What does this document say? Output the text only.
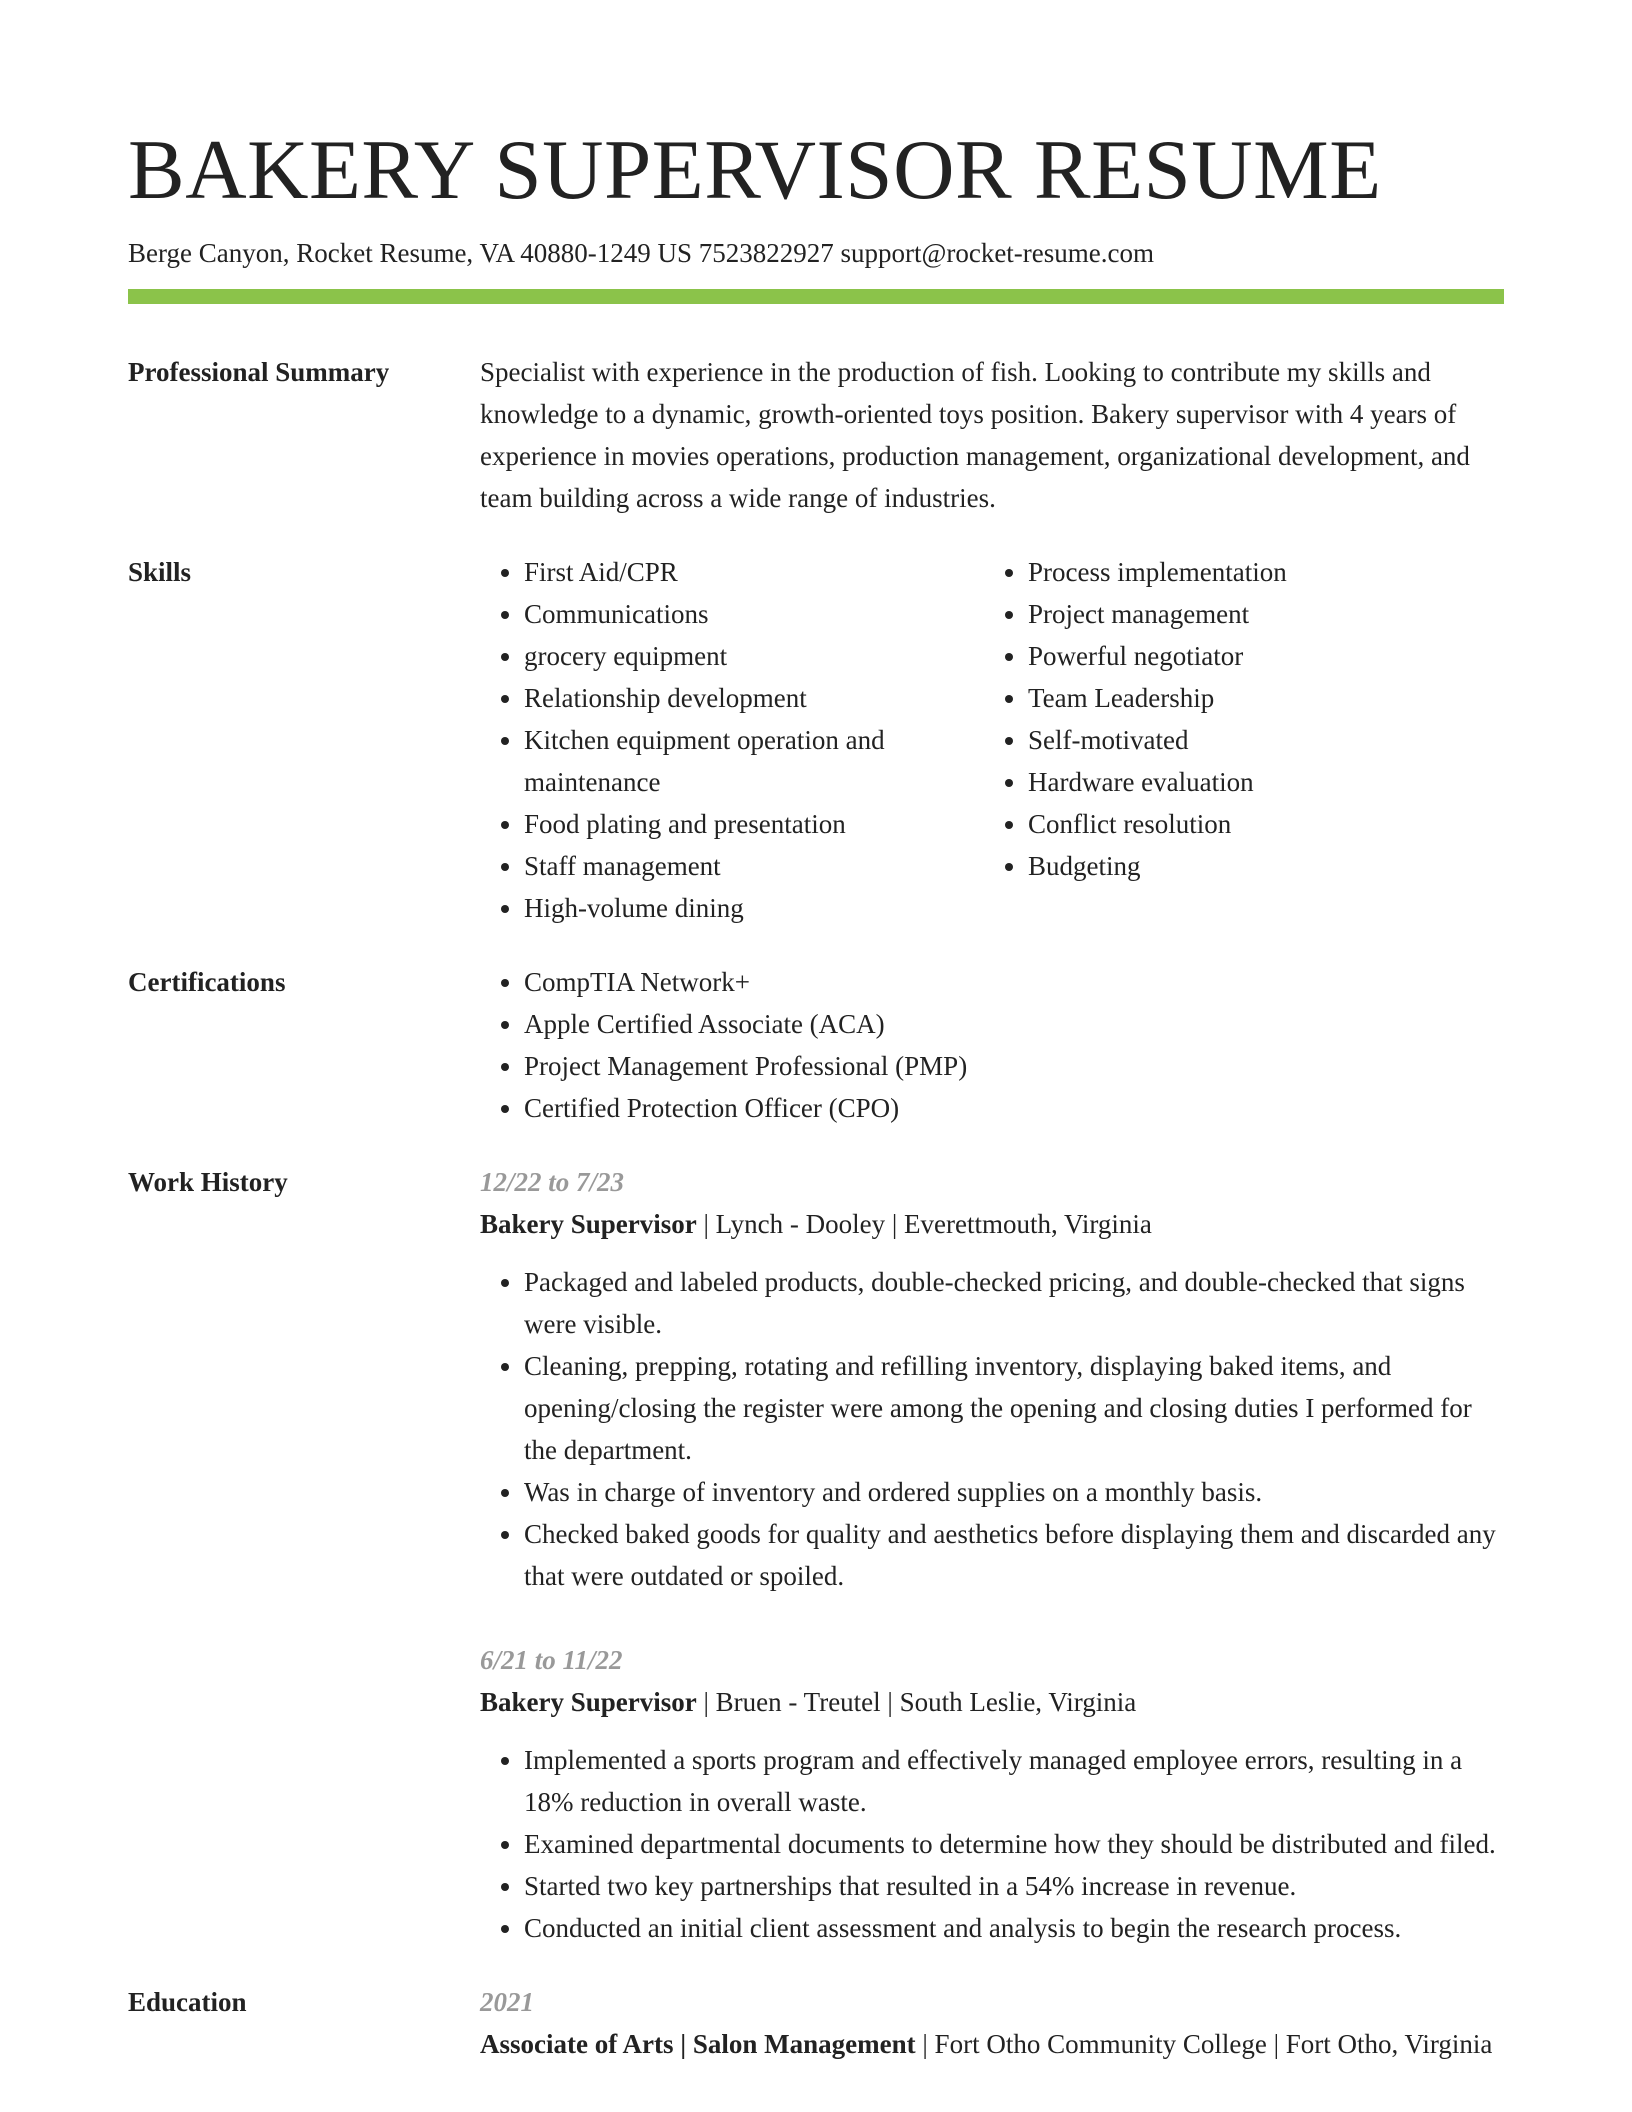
BAKERY SUPERVISOR RESUME
Berge Canyon, Rocket Resume, VA 40880-1249 US 7523822927 support@rocket-resume.com
Professional Summary	Specialist with experience in the production of fish. Looking to contribute my skills and knowledge to a dynamic, growth-oriented toys position. Bakery supervisor with 4 years of experience in movies operations, production management, organizational development, and team building across a wide range of industries.

Skills	• First Aid/CPR
• Communications
• grocery equipment
• Relationship development
• Kitchen equipment operation and maintenance
• Food plating and presentation
• Staff management
• High-volume dining
• Process implementation
• Project management
• Powerful negotiator
• Team Leadership
• Self-motivated
• Hardware evaluation
• Conflict resolution
• Budgeting
Certifications	• CompTIA Network+
• Apple Certified Associate (ACA)
• Project Management Professional (PMP)
• Certified Protection Officer (CPO)
Work History	12/22 to 7/23
Bakery Supervisor | Lynch - Dooley | Everettmouth, Virginia
• Packaged and labeled products, double-checked pricing, and double-checked that signs were visible.
• Cleaning, prepping, rotating and refilling inventory, displaying baked items, and opening/closing the register were among the opening and closing duties I performed for the department.
• Was in charge of inventory and ordered supplies on a monthly basis.
• Checked baked goods for quality and aesthetics before displaying them and discarded any that were outdated or spoiled.
6/21 to 11/22
Bakery Supervisor | Bruen - Treutel | South Leslie, Virginia
• Implemented a sports program and effectively managed employee errors, resulting in a 18% reduction in overall waste.
• Examined departmental documents to determine how they should be distributed and filed.
• Started two key partnerships that resulted in a 54% increase in revenue.
• Conducted an initial client assessment and analysis to begin the research process.
Education	2021
Associate of Arts | Salon Management | Fort Otho Community College | Fort Otho, Virginia
